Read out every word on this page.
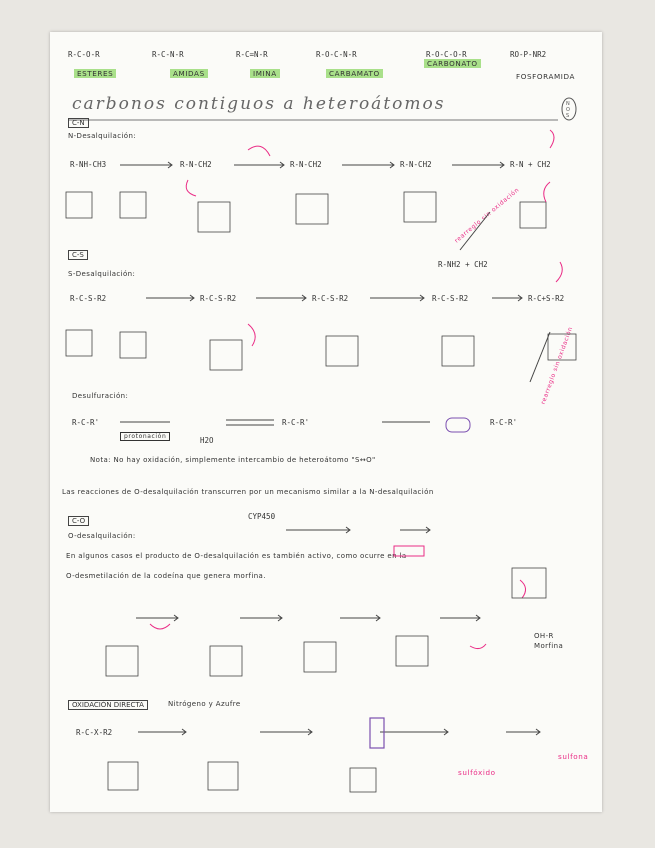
R-C-O-R	R-C-N-R	R-C=N-R	R-O-C-N-R	R-O-C-O-R	RO-P-NR2
ESTERES	AMIDAS	IMINA	CARBAMATO
CARBONATO
FOSFORAMIDA
carbonos contiguos a heteroátomos	N
O
S
C-N
N-Desalquilación:
R-NH-CH3	R-N-CH2	R-N-CH2	R-N-CH2	R-N + CH2
R-NH2 + CH2
rearreglo sin oxidación
C-S
S-Desalquilación:
R-C-S-R2	R-C-S-R2	R-C-S-R2	R-C-S-R2	R-C+S-R2
rearreglo sin oxidación
Desulfuración:
R-C-R'
protonación	H2O
R-C-R'	R-C-R'
Nota: No hay oxidación, simplemente intercambio de heteroátomo "S↔O"
Las reacciones de O-desalquilación transcurren por un mecanismo similar a la N-desalquilación
C-O
O-desalquilación:
CYP450
En algunos casos el producto de O-desalquilación es también activo, como ocurre en la
O-desmetilación de la codeína que genera morfina.
OH-R
Morfina
OXIDACIÓN DIRECTA	Nitrógeno y Azufre
R-C-X-R2
sulfóxido
sulfona
